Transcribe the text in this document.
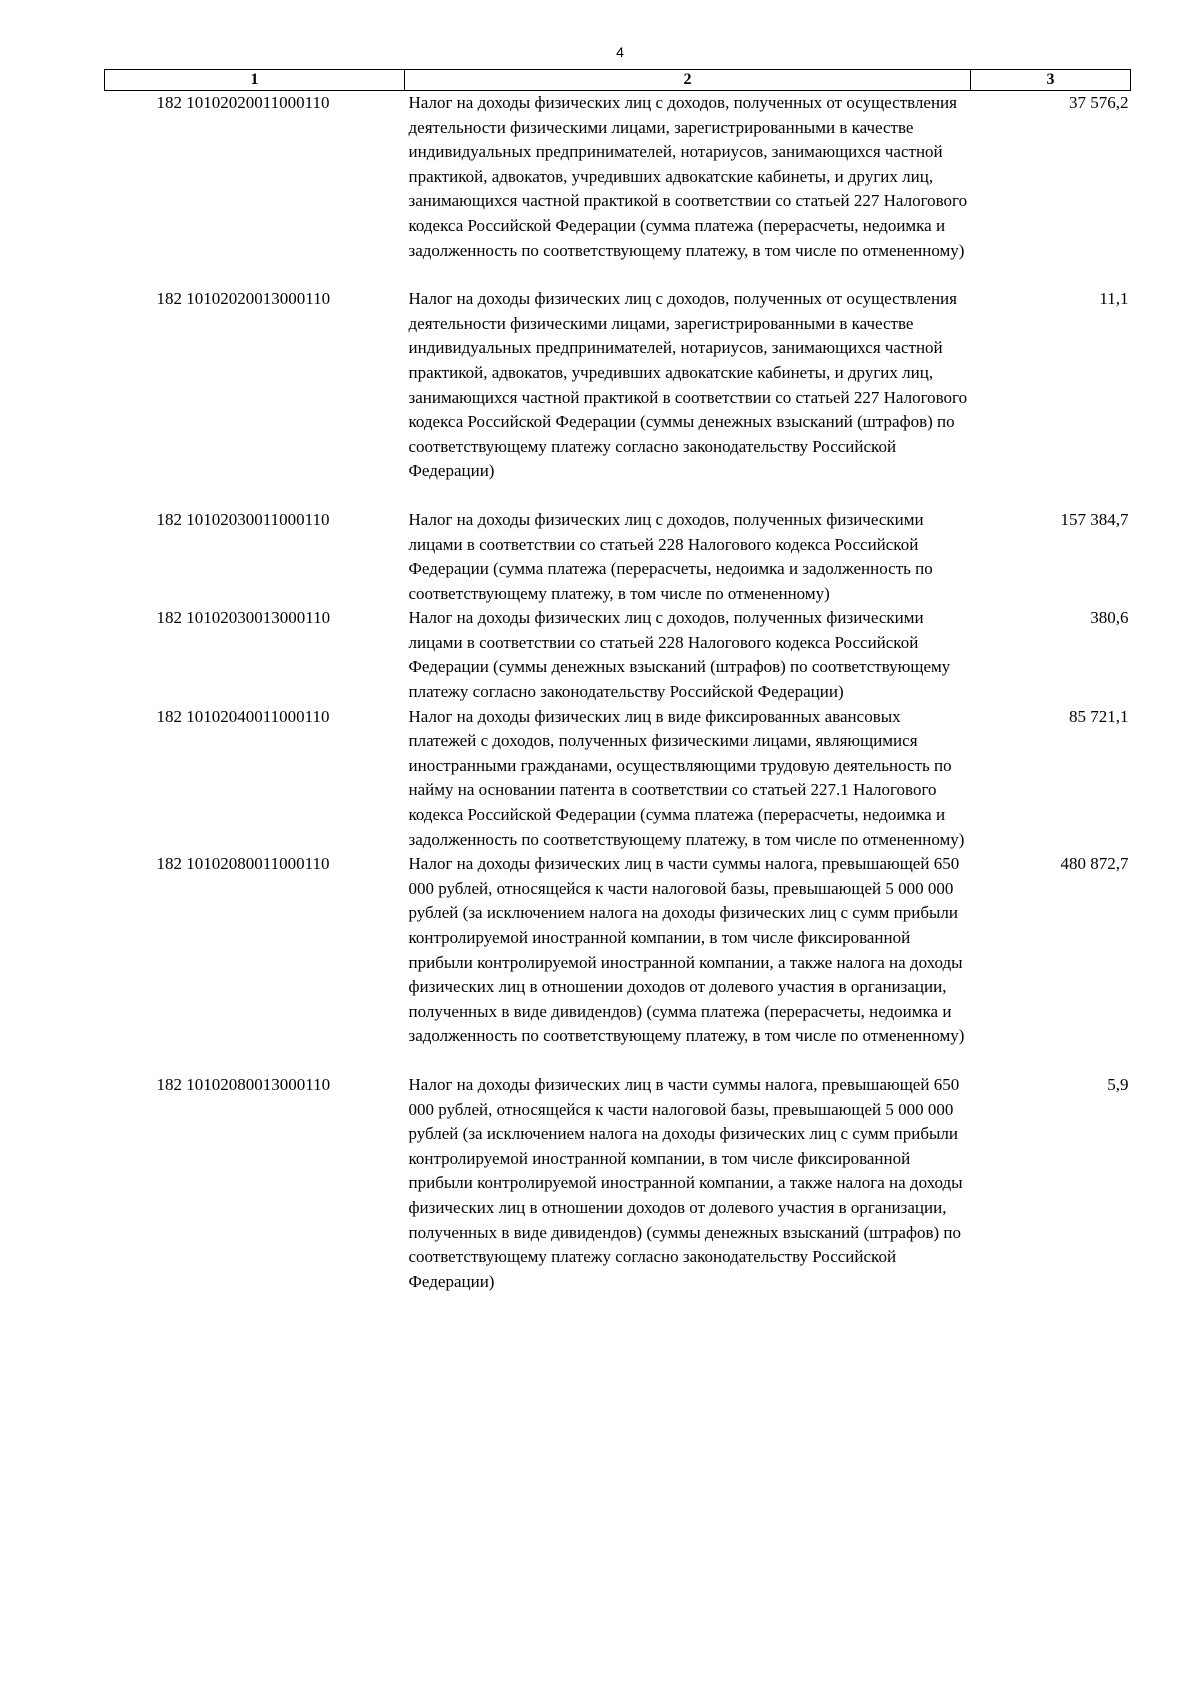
4
1	2	3
182 10102020011000110	Налог на доходы физических лиц с доходов, полученных от осуществления деятельности физическими лицами, зарегистрированными в качестве индивидуальных предпринимателей, нотариусов, занимающихся частной практикой, адвокатов, учредивших адвокатские кабинеты, и других лиц, занимающихся частной практикой в соответствии со статьей 227 Налогового кодекса Российской Федерации (сумма платежа (перерасчеты, недоимка и задолженность по соответствующему платежу, в том числе по отмененному)	37 576,2
182 10102020013000110	Налог на доходы физических лиц с доходов, полученных от осуществления деятельности физическими лицами, зарегистрированными в качестве индивидуальных предпринимателей, нотариусов, занимающихся частной практикой, адвокатов, учредивших адвокатские кабинеты, и других лиц, занимающихся частной практикой в соответствии со статьей 227 Налогового кодекса Российской Федерации (суммы денежных взысканий (штрафов) по соответствующему платежу согласно законодательству Российской Федерации)	11,1
182 10102030011000110	Налог на доходы физических лиц с доходов, полученных физическими лицами в соответствии со статьей 228 Налогового кодекса Российской Федерации (сумма платежа (перерасчеты, недоимка и задолженность по соответствующему платежу, в том числе по отмененному)	157 384,7
182 10102030013000110	Налог на доходы физических лиц с доходов, полученных физическими лицами в соответствии со статьей 228 Налогового кодекса Российской Федерации (суммы денежных взысканий (штрафов) по соответствующему платежу согласно законодательству Российской Федерации)	380,6
182 10102040011000110	Налог на доходы физических лиц в виде фиксированных авансовых платежей с доходов, полученных физическими лицами, являющимися иностранными гражданами, осуществляющими трудовую деятельность по найму на основании патента в соответствии со статьей 227.1 Налогового кодекса Российской Федерации (сумма платежа (перерасчеты, недоимка и задолженность по соответствующему платежу, в том числе по отмененному)	85 721,1
182 10102080011000110	Налог на доходы физических лиц в части суммы налога, превышающей 650 000 рублей, относящейся к части налоговой базы, превышающей 5 000 000 рублей (за исключением налога на доходы физических лиц с сумм прибыли контролируемой иностранной компании, в том числе фиксированной прибыли контролируемой иностранной компании, а также налога на доходы физических лиц в отношении доходов от долевого участия в организации, полученных в виде дивидендов) (сумма платежа (перерасчеты, недоимка и задолженность по соответствующему платежу, в том числе по отмененному)	480 872,7
182 10102080013000110	Налог на доходы физических лиц в части суммы налога, превышающей 650 000 рублей, относящейся к части налоговой базы, превышающей 5 000 000 рублей (за исключением налога на доходы физических лиц с сумм прибыли контролируемой иностранной компании, в том числе фиксированной прибыли контролируемой иностранной компании, а также налога на доходы физических лиц в отношении доходов от долевого участия в организации, полученных в виде дивидендов) (суммы денежных взысканий (штрафов) по соответствующему платежу согласно законодательству Российской Федерации)	5,9
